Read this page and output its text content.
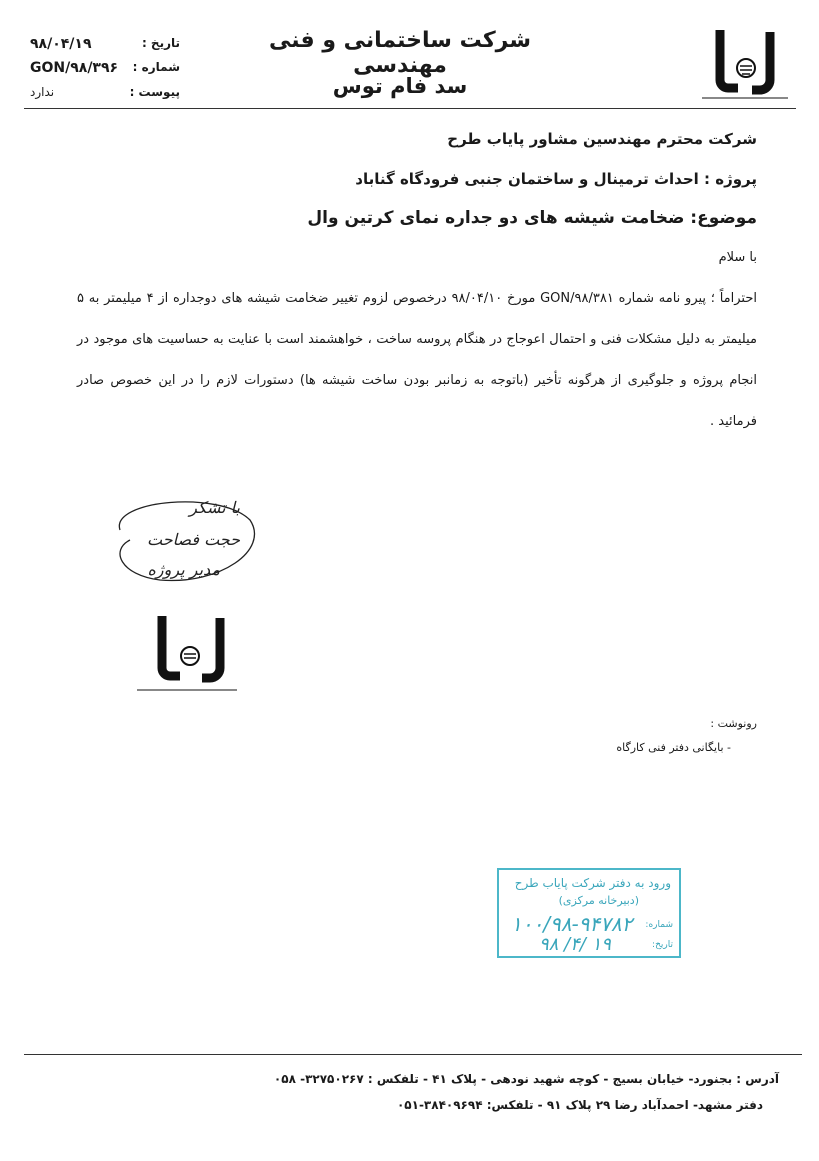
شرکت ساختمانی و فنی مهندسی
سد فام توس
تاریخ :
۹۸/۰۴/۱۹
شماره :
GON/۹۸/۳۹۶
پیوست :
ندارد
شرکت محترم مهندسین مشاور پایاب طرح
پروژه : احداث ترمینال و ساختمان جنبی فرودگاه گناباد
موضوع: ضخامت شیشه های دو جداره نمای کرتین وال
با سلام
احتراماً ؛ پیرو نامه شماره GON/۹۸/۳۸۱ مورخ ۹۸/۰۴/۱۰ درخصوص لزوم تغییر ضخامت شیشه های دوجداره از ۴ میلیمتر به ۵ میلیمتر به دلیل مشکلات فنی و احتمال اعوجاج در هنگام پروسه ساخت ، خواهشمند است با عنایت به حساسیت های موجود در انجام پروژه و جلوگیری از هرگونه تأخیر (باتوجه به زمانبر بودن ساخت شیشه ها) دستورات لازم را در این خصوص صادر فرمائید .
با تشکر
حجت فصاحت
مدیر پروژه
رونوشت :
- بایگانی دفتر فنی کارگاه
ورود به دفتر شرکت پایاب طرح
(دبیرخانه مرکزی)
شماره:
۱۰۰/۹۸-۹۴۷۸۲
تاریخ:
۹۸ /۴/ ۱۹
آدرس : بجنورد- خیابان بسیج - کوچه شهید نودهی - پلاک ۴۱ - تلفکس : ۳۲۷۵۰۲۶۷- ۰۵۸
دفتر مشهد- احمدآباد رضا ۲۹ پلاک ۹۱ - تلفکس: ۳۸۴۰۹۶۹۴-۰۵۱
